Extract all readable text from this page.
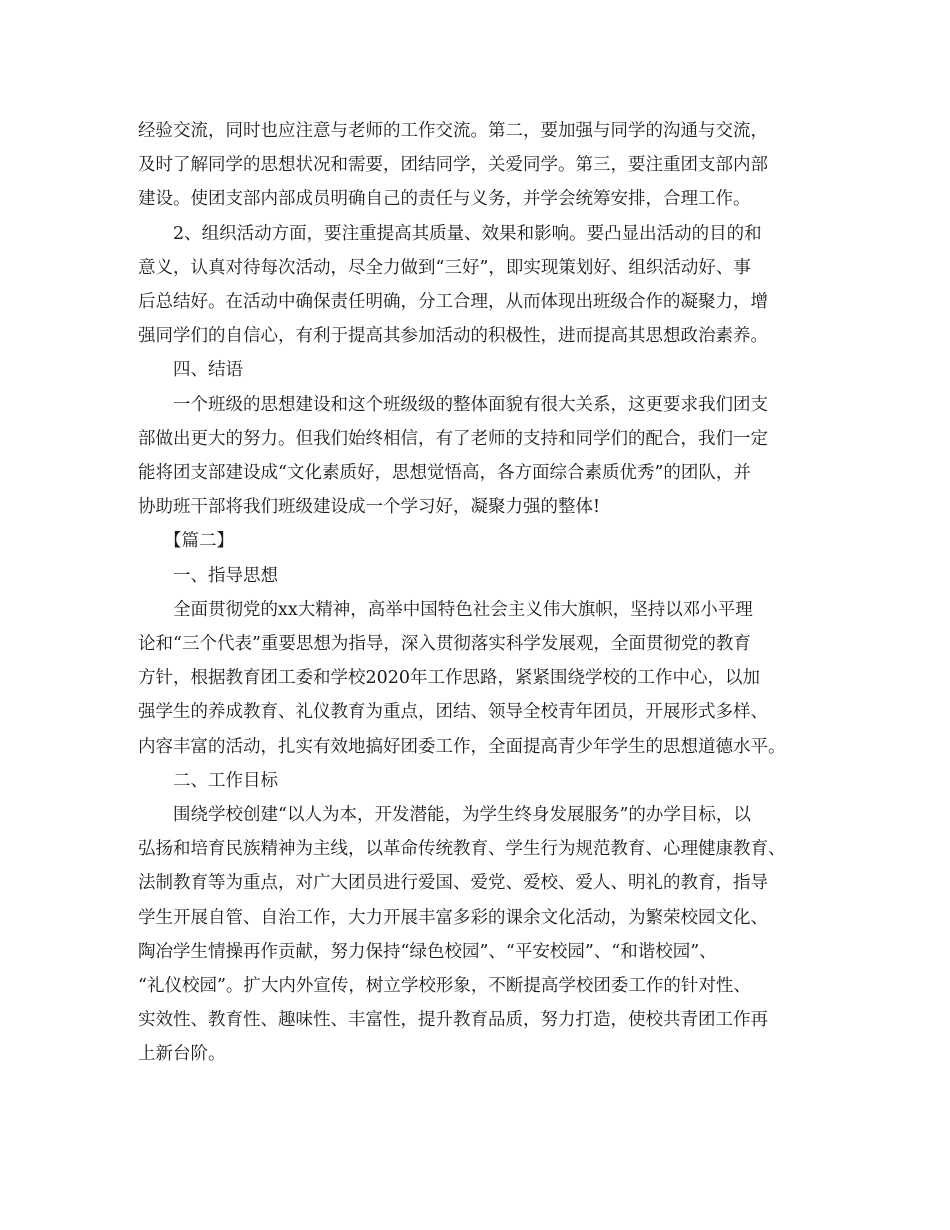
经验交流，同时也应注意与老师的工作交流。第二，要加强与同学的沟通与交流，

及时了解同学的思想状况和需要，团结同学，关爱同学。第三，要注重团支部内部

建设。使团支部内部成员明确自己的责任与义务，并学会统筹安排，合理工作。

2、组织活动方面，要注重提高其质量、效果和影响。要凸显出活动的目的和

意义，认真对待每次活动，尽全力做到“三好”，即实现策划好、组织活动好、事

后总结好。在活动中确保责任明确，分工合理，从而体现出班级合作的凝聚力，增

强同学们的自信心，有利于提高其参加活动的积极性，进而提高其思想政治素养。

四、结语

一个班级的思想建设和这个班级级的整体面貌有很大关系，这更要求我们团支

部做出更大的努力。但我们始终相信，有了老师的支持和同学们的配合，我们一定

能将团支部建设成“文化素质好，思想觉悟高，各方面综合素质优秀”的团队，并

协助班干部将我们班级建设成一个学习好，凝聚力强的整体!

【篇二】

一、指导思想

全面贯彻党的xx大精神，高举中国特色社会主义伟大旗帜，坚持以邓小平理

论和“三个代表”重要思想为指导，深入贯彻落实科学发展观，全面贯彻党的教育

方针，根据教育团工委和学校2020年工作思路，紧紧围绕学校的工作中心，以加

强学生的养成教育、礼仪教育为重点，团结、领导全校青年团员，开展形式多样、

内容丰富的活动，扎实有效地搞好团委工作，全面提高青少年学生的思想道德水平。

二、工作目标

围绕学校创建“以人为本，开发潜能，为学生终身发展服务”的办学目标，以

弘扬和培育民族精神为主线，以革命传统教育、学生行为规范教育、心理健康教育、

法制教育等为重点，对广大团员进行爱国、爱党、爱校、爱人、明礼的教育，指导

学生开展自管、自治工作，大力开展丰富多彩的课余文化活动，为繁荣校园文化、

陶冶学生情操再作贡献，努力保持“绿色校园”、“平安校园”、“和谐校园”、

“礼仪校园”。扩大内外宣传，树立学校形象，不断提高学校团委工作的针对性、

实效性、教育性、趣味性、丰富性，提升教育品质，努力打造，使校共青团工作再

上新台阶。
